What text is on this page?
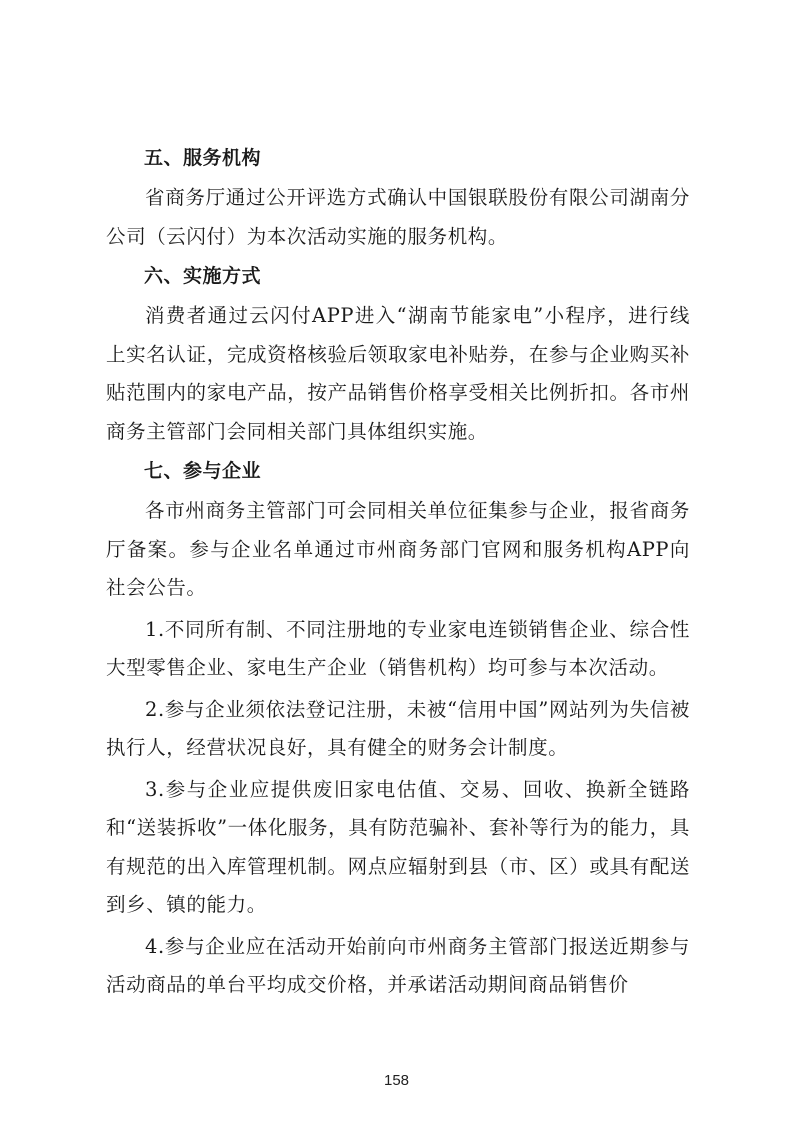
五、服务机构

省商务厅通过公开评选方式确认中国银联股份有限公司湖南分公司（云闪付）为本次活动实施的服务机构。

六、实施方式

消费者通过云闪付APP进入“湖南节能家电”小程序，进行线上实名认证，完成资格核验后领取家电补贴券，在参与企业购买补贴范围内的家电产品，按产品销售价格享受相关比例折扣。各市州商务主管部门会同相关部门具体组织实施。

七、参与企业

各市州商务主管部门可会同相关单位征集参与企业，报省商务厅备案。参与企业名单通过市州商务部门官网和服务机构APP向社会公告。

1.不同所有制、不同注册地的专业家电连锁销售企业、综合性大型零售企业、家电生产企业（销售机构）均可参与本次活动。

2.参与企业须依法登记注册，未被“信用中国”网站列为失信被执行人，经营状况良好，具有健全的财务会计制度。

3.参与企业应提供废旧家电估值、交易、回收、换新全链路和“送装拆收”一体化服务，具有防范骗补、套补等行为的能力，具有规范的出入库管理机制。网点应辐射到县（市、区）或具有配送到乡、镇的能力。

4.参与企业应在活动开始前向市州商务主管部门报送近期参与活动商品的单台平均成交价格，并承诺活动期间商品销售价

158
